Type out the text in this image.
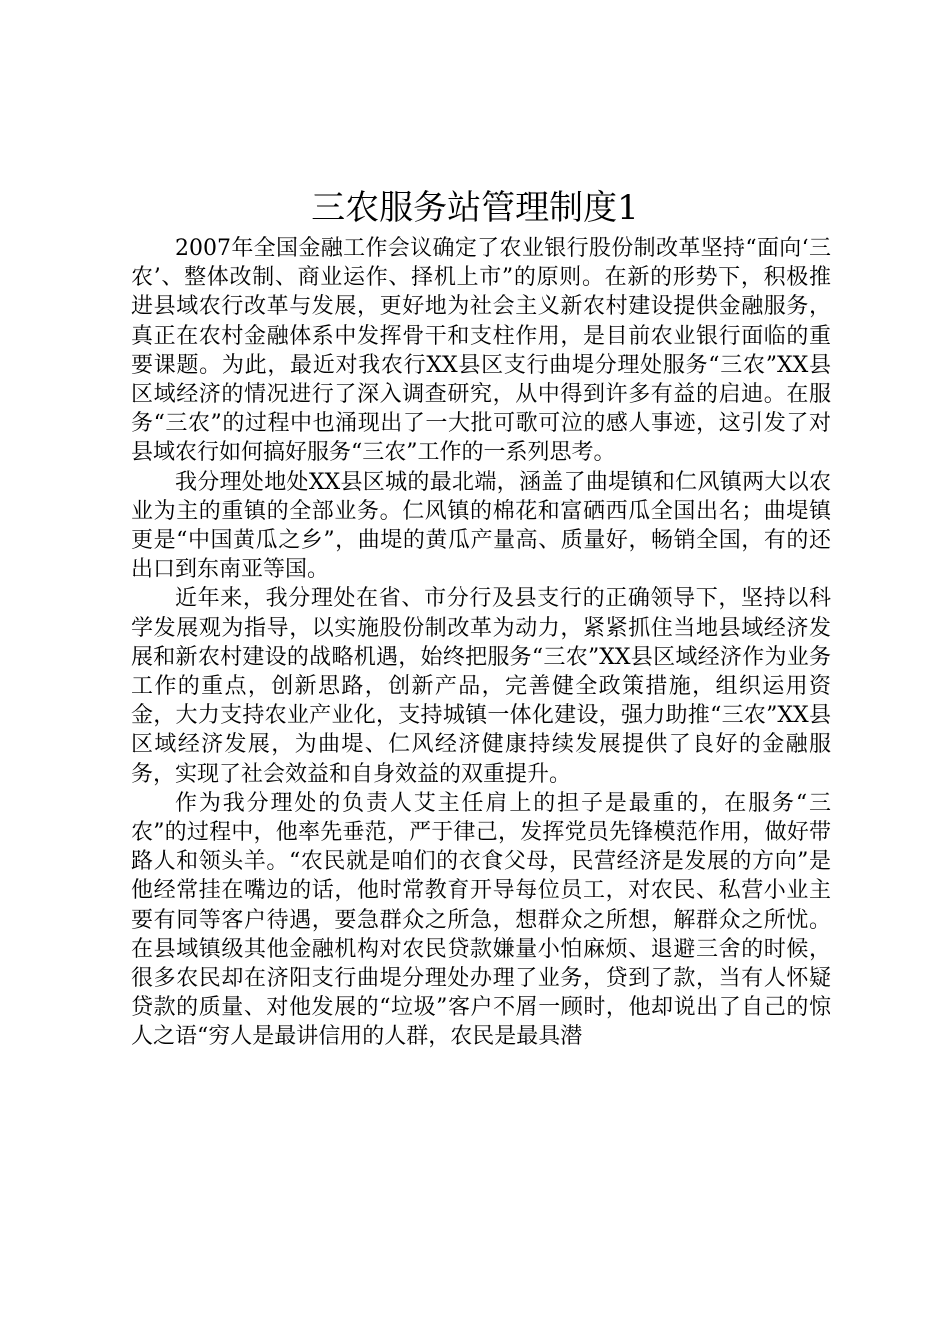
三农服务站管理制度1

2007年全国金融工作会议确定了农业银行股份制改革坚持“面向‘三农’、整体改制、商业运作、择机上市”的原则。在新的形势下，积极推进县域农行改革与发展，更好地为社会主义新农村建设提供金融服务，真正在农村金融体系中发挥骨干和支柱作用，是目前农业银行面临的重要课题。为此，最近对我农行XX县区支行曲堤分理处服务“三农”XX县区域经济的情况进行了深入调查研究，从中得到许多有益的启迪。在服务“三农”的过程中也涌现出了一大批可歌可泣的感人事迹，这引发了对县域农行如何搞好服务“三农”工作的一系列思考。

我分理处地处XX县区城的最北端，涵盖了曲堤镇和仁风镇两大以农业为主的重镇的全部业务。仁风镇的棉花和富硒西瓜全国出名；曲堤镇更是“中国黄瓜之乡”，曲堤的黄瓜产量高、质量好，畅销全国，有的还出口到东南亚等国。

近年来，我分理处在省、市分行及县支行的正确领导下，坚持以科学发展观为指导，以实施股份制改革为动力，紧紧抓住当地县域经济发展和新农村建设的战略机遇，始终把服务“三农”XX县区域经济作为业务工作的重点，创新思路，创新产品，完善健全政策措施，组织运用资金，大力支持农业产业化，支持城镇一体化建设，强力助推“三农”XX县区域经济发展，为曲堤、仁风经济健康持续发展提供了良好的金融服务，实现了社会效益和自身效益的双重提升。

作为我分理处的负责人艾主任肩上的担子是最重的，在服务“三农”的过程中，他率先垂范，严于律己，发挥党员先锋模范作用，做好带路人和领头羊。“农民就是咱们的衣食父母，民营经济是发展的方向”是他经常挂在嘴边的话，他时常教育开导每位员工，对农民、私营小业主要有同等客户待遇，要急群众之所急，想群众之所想，解群众之所忧。在县域镇级其他金融机构对农民贷款嫌量小怕麻烦、退避三舍的时候，很多农民却在济阳支行曲堤分理处办理了业务，贷到了款，当有人怀疑贷款的质量、对他发展的“垃圾”客户不屑一顾时，他却说出了自己的惊人之语“穷人是最讲信用的人群，农民是最具潜
